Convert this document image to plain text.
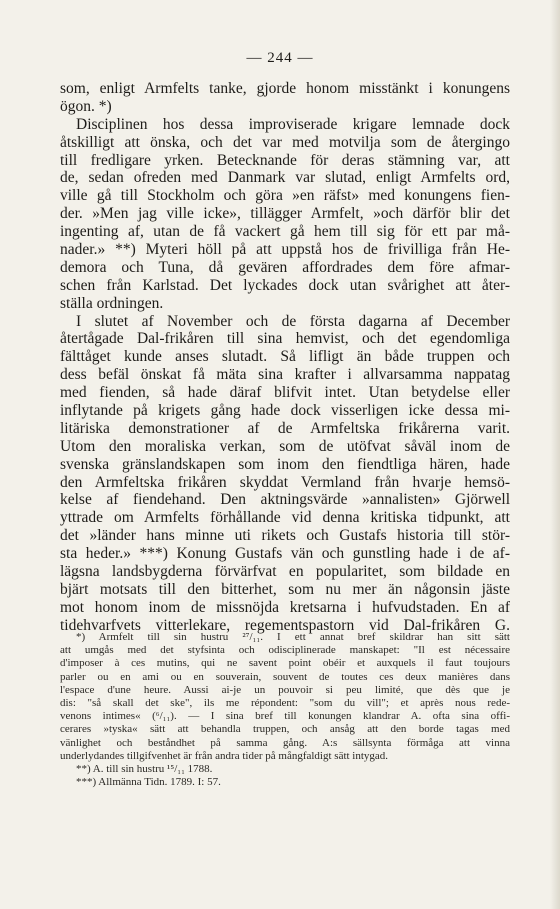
— 244 —
som, enligt Armfelts tanke, gjorde honom misstänkt i konungens
ögon. *)
Disciplinen hos dessa improviserade krigare lemnade dock
åtskilligt att önska, och det var med motvilja som de återgingo
till fredligare yrken. Betecknande för deras stämning var, att
de, sedan ofreden med Danmark var slutad, enligt Armfelts ord,
ville gå till Stockholm och göra »en räfst» med konungens fien-
der. »Men jag ville icke», tillägger Armfelt, »och därför blir det
ingenting af, utan de få vackert gå hem till sig för ett par må-
nader.» **) Myteri höll på att uppstå hos de frivilliga från He-
demora och Tuna, då gevären affordrades dem före afmar-
schen från Karlstad. Det lyckades dock utan svårighet att åter-
ställa ordningen.
I slutet af November och de första dagarna af December
återtågade Dal-frikåren till sina hemvist, och det egendomliga
fälttåget kunde anses slutadt. Så lifligt än både truppen och
dess befäl önskat få mäta sina krafter i allvarsamma nappatag
med fienden, så hade däraf blifvit intet. Utan betydelse eller
inflytande på krigets gång hade dock visserligen icke dessa mi-
litäriska demonstrationer af de Armfeltska frikårerna varit.
Utom den moraliska verkan, som de utöfvat såväl inom de
svenska gränslandskapen som inom den fiendtliga hären, hade
den Armfeltska frikåren skyddat Vermland från hvarje hemsö-
kelse af fiendehand. Den aktningsvärde »annalisten» Gjörwell
yttrade om Armfelts förhållande vid denna kritiska tidpunkt, att
det »länder hans minne uti rikets och Gustafs historia till stör-
sta heder.» ***) Konung Gustafs vän och gunstling hade i de af-
lägsna landsbygderna förvärfvat en popularitet, som bildade en
bjärt motsats till den bitterhet, som nu mer än någonsin jäste
mot honom inom de missnöjda kretsarna i hufvudstaden. En af
tidehvarfvets vitterlekare, regementspastorn vid Dal-frikåren G.
*) Armfelt till sin hustru ²⁷/₁₁. I ett annat bref skildrar han sitt sätt
att umgås med det styfsinta och odisciplinerade manskapet: "Il est nécessaire
d'imposer à ces mutins, qui ne savent point obéir et auxquels il faut toujours
parler ou en ami ou en souverain, souvent de toutes ces deux manières dans
l'espace d'une heure. Aussi ai-je un pouvoir si peu limité, que dès que je
dis: "så skall det ske", ils me répondent: "som du vill"; et après nous rede-
venons intimes« (⁶/₁₁). — I sina bref till konungen klandrar A. ofta sina offi-
cerares »tyska« sätt att behandla truppen, och ansåg att den borde tagas med
vänlighet och beståndhet på samma gång. A:s sällsynta förmåga att vinna
underlydandes tillgifvenhet är från andra tider på mångfaldigt sätt intygad.
**) A. till sin hustru ¹⁵/₁₁ 1788.
***) Allmänna Tidn. 1789. I: 57.
